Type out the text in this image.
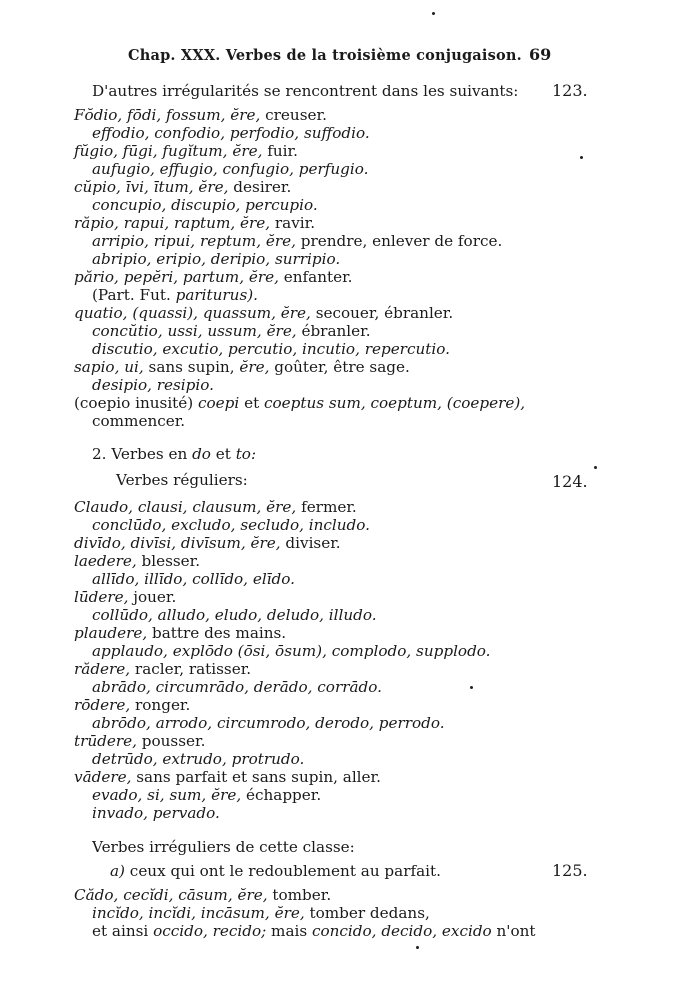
Chap. XXX. Verbes de la troisième conjugaison. 69
D'autres irrégularités se rencontrent dans les suivants: 123.
Fŏdio, fōdi, fossum, ĕre, creuser.
effodio, confodio, perfodio, suffodio.
fŭgio, fūgi, fugĭtum, ĕre, fuir.
aufugio, effugio, confugio, perfugio.
cŭpio, īvi, ītum, ĕre, desirer.
concupio, discupio, percupio.
răpio, rapui, raptum, ĕre, ravir.
arripio, ripui, reptum, ĕre, prendre, enlever de force.
abripio, eripio, deripio, surripio.
părio, pepĕri, partum, ĕre, enfanter.
(Part. Fut. pariturus).
quatio, (quassi), quassum, ĕre, secouer, ébranler.
concŭtio, ussi, ussum, ĕre, ébranler.
discutio, excutio, percutio, incutio, repercutio.
sapio, ui, sans supin, ĕre, goûter, être sage.
desipio, resipio.
(coepio inusité) coepi et coeptus sum, coeptum, (coepere),
commencer.
2. Verbes en do et to:
Verbes réguliers:	124.
Claudo, clausi, clausum, ĕre, fermer.
conclūdo, excludo, secludo, includo.
divīdo, divīsi, divīsum, ĕre, diviser.
laedere, blesser.
allīdo, illīdo, collīdo, elīdo.
lūdere, jouer.
collūdo, alludo, eludo, deludo, illudo.
plaudere, battre des mains.
applaudo, explōdo (ōsi, ōsum), complodo, supplodo.
rădere, racler, ratisser.
abrādo, circumrādo, derādo, corrādo.
rōdere, ronger.
abrōdo, arrodo, circumrodo, derodo, perrodo.
trūdere, pousser.
detrūdo, extrudo, protrudo.
vādere, sans parfait et sans supin, aller.
evado, si, sum, ĕre, échapper.
invado, pervado.
Verbes irréguliers de cette classe:
a) ceux qui ont le redoublement au parfait.	125.
Cădo, cecĭdi, cāsum, ĕre, tomber.
incĭdo, incĭdi, incāsum, ĕre, tomber dedans,
et ainsi occido, recido; mais concido, decido, excido n'ont
